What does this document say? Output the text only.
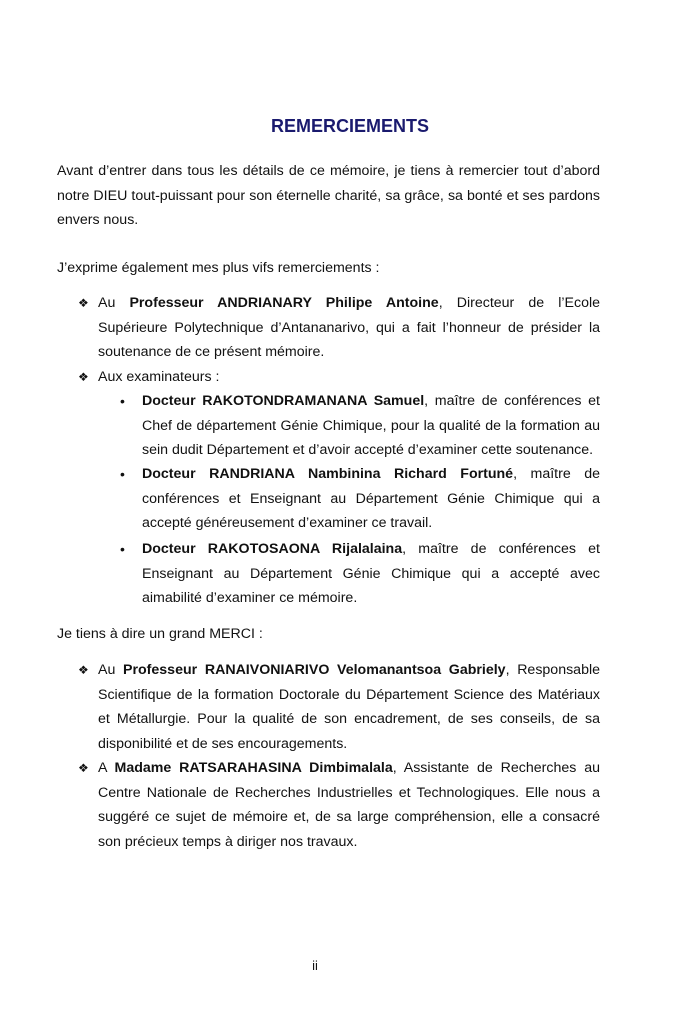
REMERCIEMENTS

Avant d’entrer dans tous les détails de ce mémoire, je tiens à remercier tout d’abord notre DIEU tout-puissant pour son éternelle charité, sa grâce, sa bonté et ses pardons envers nous.

J’exprime également mes plus vifs remerciements :

❖ Au Professeur ANDRIANARY Philipe Antoine, Directeur de l’Ecole Supérieure Polytechnique d’Antananarivo, qui a fait l’honneur de présider la soutenance de ce présent mémoire.
❖ Aux examinateurs :
• Docteur RAKOTONDRAMANANA Samuel, maître de conférences et Chef de département Génie Chimique, pour la qualité de la formation au sein dudit Département et d’avoir accepté d’examiner cette soutenance.
• Docteur RANDRIANA Nambinina Richard Fortuné, maître de conférences et Enseignant au Département Génie Chimique qui a accepté généreusement d’examiner ce travail.
• Docteur RAKOTOSAONA Rijalalaina, maître de conférences et Enseignant au Département Génie Chimique qui a accepté avec aimabilité d’examiner ce mémoire.

Je tiens à dire un grand MERCI :

❖ Au Professeur RANAIVONIARIVO Velomanantsoa Gabriely, Responsable Scientifique de la formation Doctorale du Département Science des Matériaux et Métallurgie. Pour la qualité de son encadrement, de ses conseils, de sa disponibilité et de ses encouragements.
❖ A Madame RATSARAHASINA Dimbimalala, Assistante de Recherches au Centre Nationale de Recherches Industrielles et Technologiques. Elle nous a suggéré ce sujet de mémoire et, de sa large compréhension, elle a consacré son précieux temps à diriger nos travaux.
ii
